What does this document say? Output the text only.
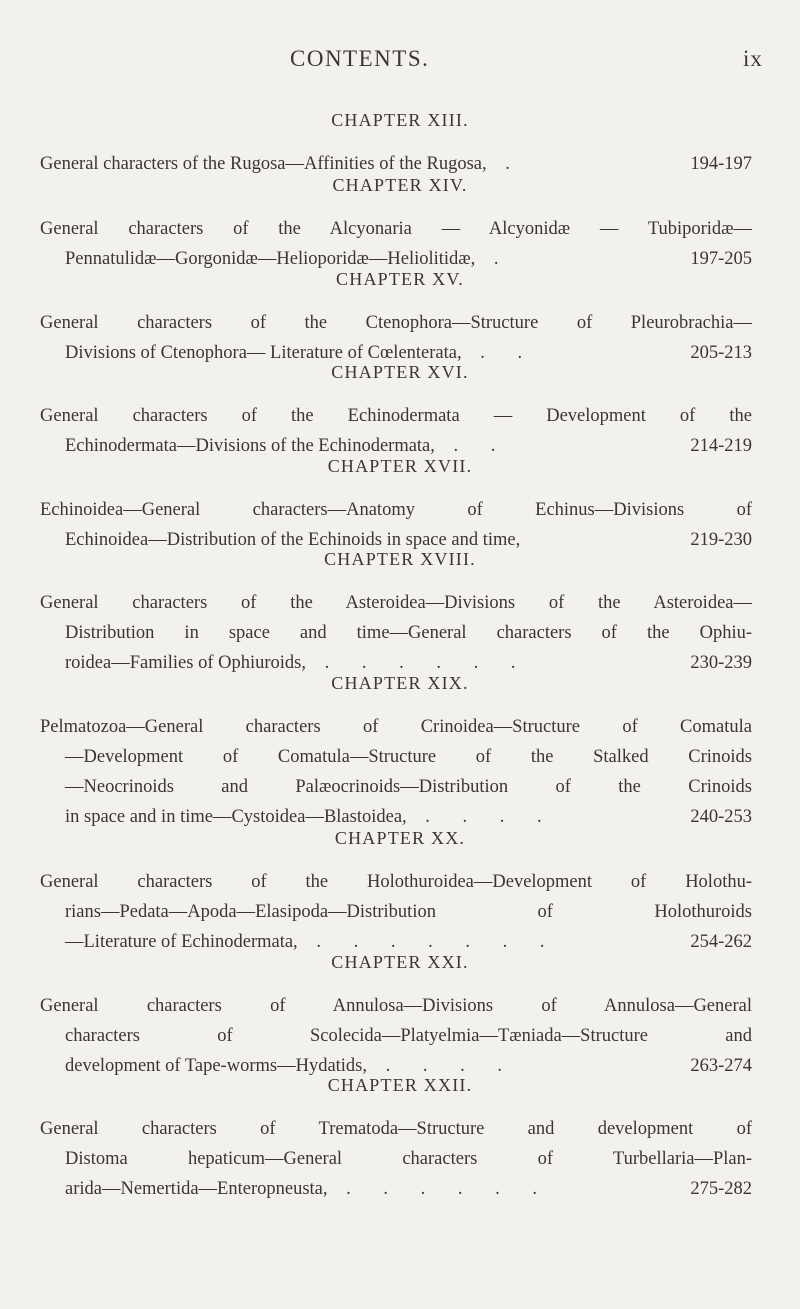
CONTENTS.	ix
CHAPTER XIII.
General characters of the Rugosa—Affinities of the Rugosa, .	194-197
CHAPTER XIV.
General characters of the Alcyonaria — Alcyonidæ — Tubiporidæ—
Pennatulidæ—Gorgonidæ—Helioporidæ—Heliolitidæ, .	197-205
CHAPTER XV.
General characters of the Ctenophora—Structure of Pleurobrachia—
Divisions of Ctenophora— Literature of Cœlenterata, . .	205-213
CHAPTER XVI.
General characters of the Echinodermata — Development of the
Echinodermata—Divisions of the Echinodermata, . .	214-219
CHAPTER XVII.
Echinoidea—General characters—Anatomy of Echinus—Divisions of
Echinoidea—Distribution of the Echinoids in space and time,	219-230
CHAPTER XVIII.
General characters of the Asteroidea—Divisions of the Asteroidea—
Distribution in space and time—General characters of the Ophiu-
roidea—Families of Ophiuroids, . . . . . .	230-239
CHAPTER XIX.
Pelmatozoa—General characters of Crinoidea—Structure of Comatula
—Development of Comatula—Structure of the Stalked Crinoids
—Neocrinoids and Palæocrinoids—Distribution of the Crinoids
in space and in time—Cystoidea—Blastoidea, . . . .	240-253
CHAPTER XX.
General characters of the Holothuroidea—Development of Holothu-
rians—Pedata—Apoda—Elasipoda—Distribution of Holothuroids
—Literature of Echinodermata, . . . . . . .	254-262
CHAPTER XXI.
General characters of Annulosa—Divisions of Annulosa—General
characters of Scolecida—Platyelmia—Tæniada—Structure and
development of Tape-worms—Hydatids, . . . .	263-274
CHAPTER XXII.
General characters of Trematoda—Structure and development of
Distoma hepaticum—General characters of Turbellaria—Plan-
arida—Nemertida—Enteropneusta, . . . . . .	275-282
